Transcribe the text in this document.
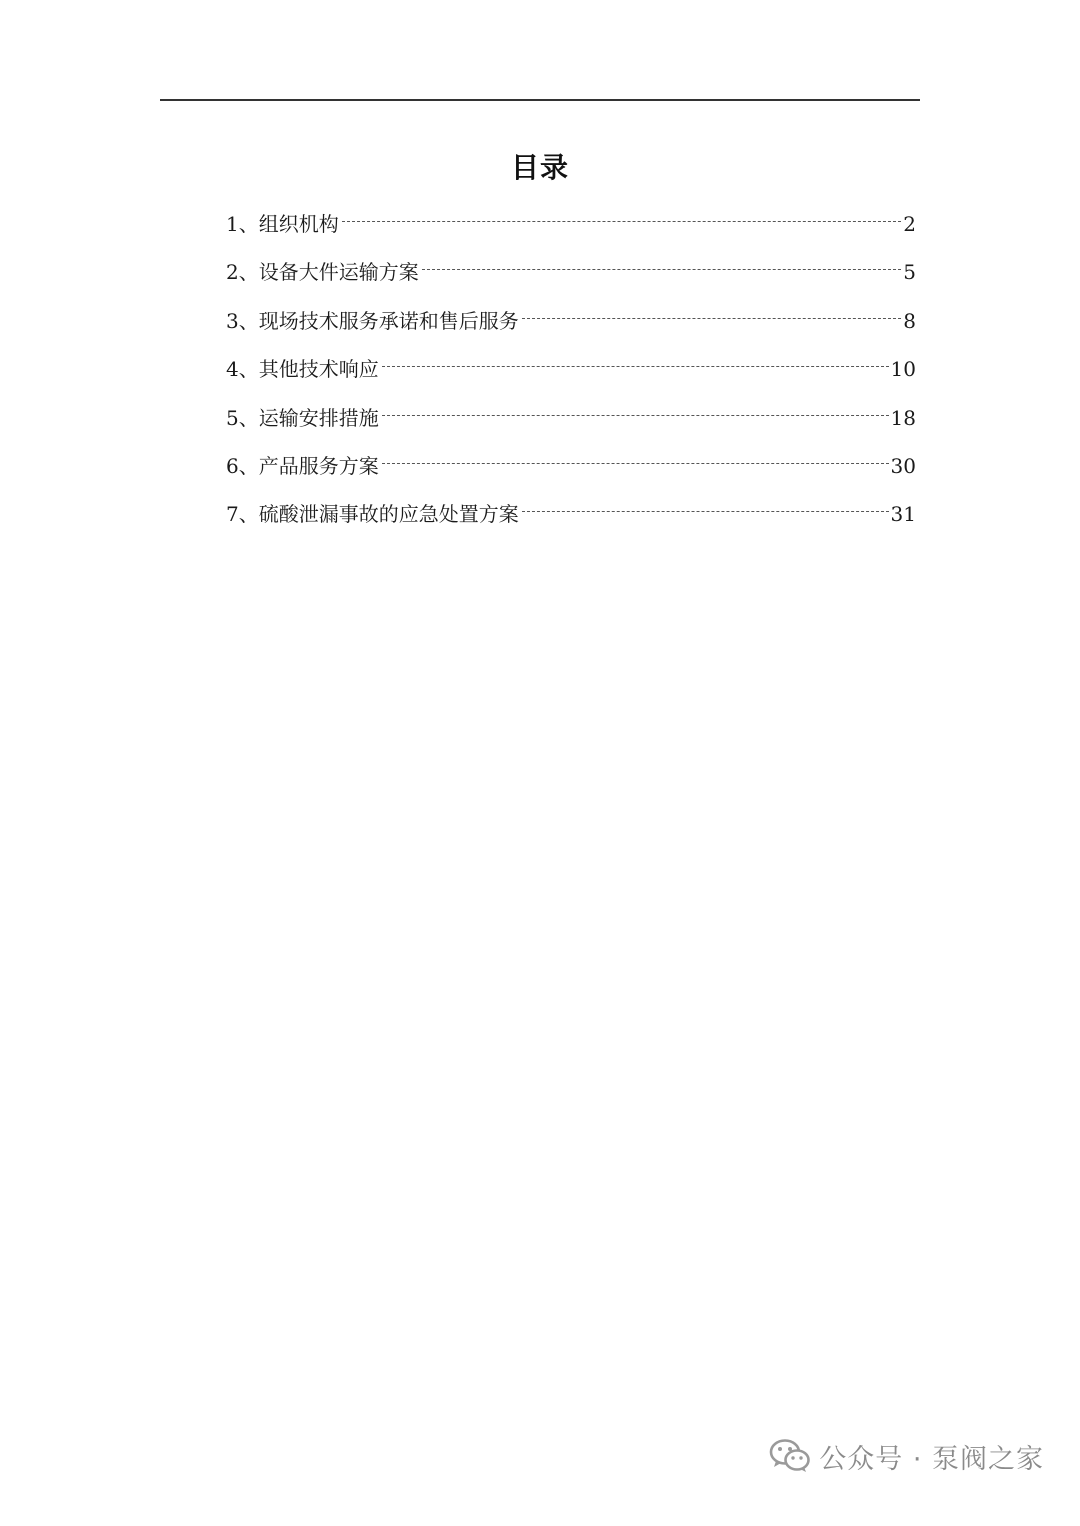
目录
1、 组织机构	2
2、 设备大件运输方案	5
3、 现场技术服务承诺和售后服务	8
4、 其他技术响应	10
5、 运输安排措施	18
6、 产品服务方案	30
7、 硫酸泄漏事故的应急处置方案	31
公众号 · 泵阀之家
